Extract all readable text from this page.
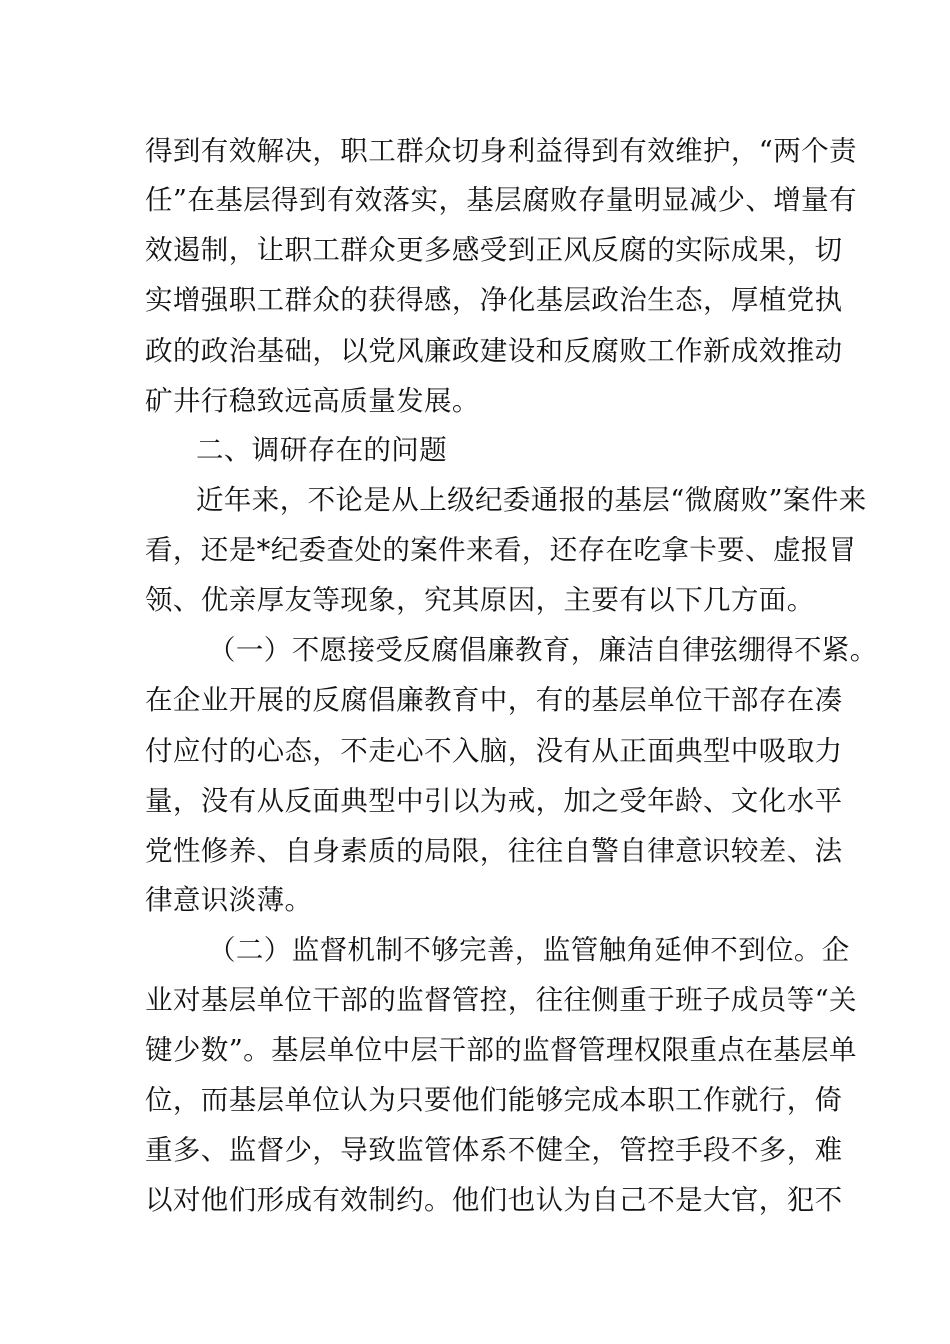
得到有效解决，职工群众切身利益得到有效维护，“两个责
任”在基层得到有效落实，基层腐败存量明显减少、增量有
效遏制，让职工群众更多感受到正风反腐的实际成果，切
实增强职工群众的获得感，净化基层政治生态，厚植党执
政的政治基础，以党风廉政建设和反腐败工作新成效推动
矿井行稳致远高质量发展。
二、调研存在的问题
近年来，不论是从上级纪委通报的基层“微腐败”案件来
看，还是*纪委查处的案件来看，还存在吃拿卡要、虚报冒
领、优亲厚友等现象，究其原因，主要有以下几方面。
（一）不愿接受反腐倡廉教育，廉洁自律弦绷得不紧。
在企业开展的反腐倡廉教育中，有的基层单位干部存在凑
付应付的心态，不走心不入脑，没有从正面典型中吸取力
量，没有从反面典型中引以为戒，加之受年龄、文化水平
党性修养、自身素质的局限，往往自警自律意识较差、法
律意识淡薄。
（二）监督机制不够完善，监管触角延伸不到位。企
业对基层单位干部的监督管控，往往侧重于班子成员等“关
键少数”。基层单位中层干部的监督管理权限重点在基层单
位，而基层单位认为只要他们能够完成本职工作就行，倚
重多、监督少，导致监管体系不健全，管控手段不多，难
以对他们形成有效制约。他们也认为自己不是大官，犯不
